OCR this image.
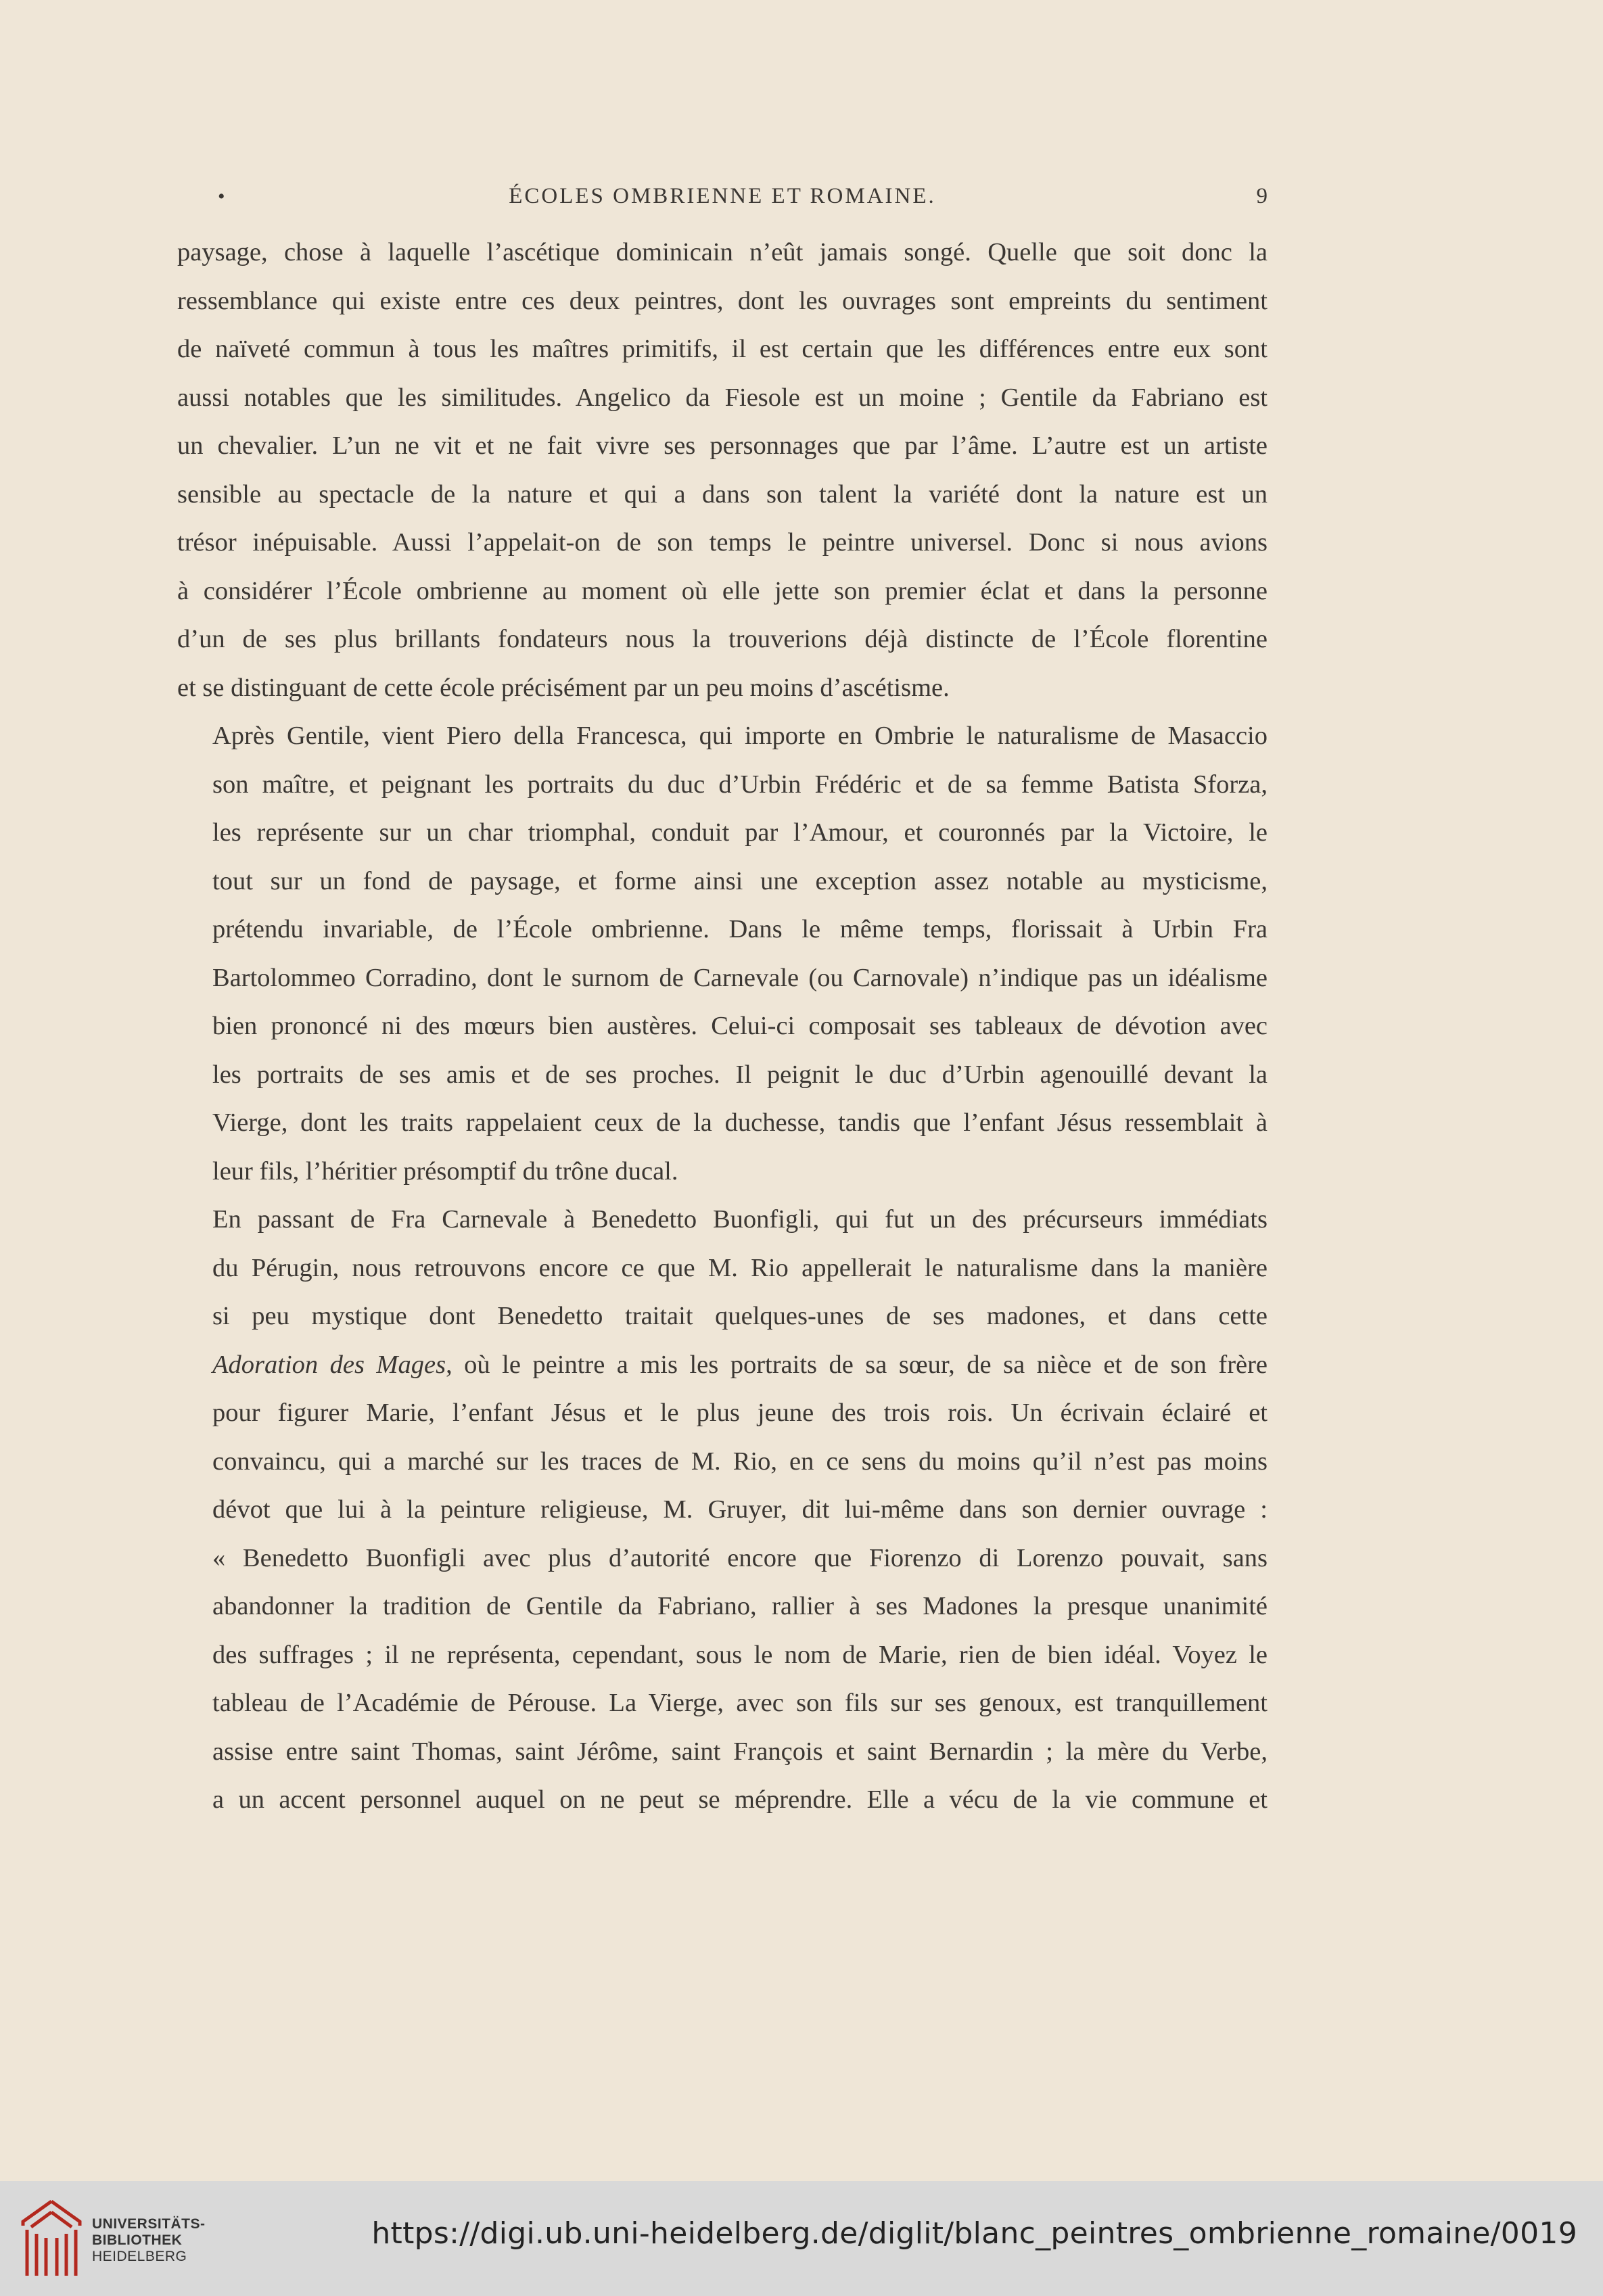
•	ÉCOLES OMBRIENNE ET ROMAINE.	9
paysage, chose à laquelle l’ascétique dominicain n’eût jamais songé. Quelle que soit donc la
ressemblance qui existe entre ces deux peintres, dont les ouvrages sont empreints du sentiment
de naïveté commun à tous les maîtres primitifs, il est certain que les différences entre eux sont
aussi notables que les similitudes. Angelico da Fiesole est un moine ; Gentile da Fabriano est
un chevalier. L’un ne vit et ne fait vivre ses personnages que par l’âme. L’autre est un artiste
sensible au spectacle de la nature et qui a dans son talent la variété dont la nature est un
trésor inépuisable. Aussi l’appelait-on de son temps le peintre universel. Donc si nous avions
à considérer l’École ombrienne au moment où elle jette son premier éclat et dans la personne
d’un de ses plus brillants fondateurs nous la trouverions déjà distincte de l’École florentine
et se distinguant de cette école précisément par un peu moins d’ascétisme.
Après Gentile, vient Piero della Francesca, qui importe en Ombrie le naturalisme de Masaccio
son maître, et peignant les portraits du duc d’Urbin Frédéric et de sa femme Batista Sforza,
les représente sur un char triomphal, conduit par l’Amour, et couronnés par la Victoire, le
tout sur un fond de paysage, et forme ainsi une exception assez notable au mysticisme,
prétendu invariable, de l’École ombrienne. Dans le même temps, florissait à Urbin Fra
Bartolommeo Corradino, dont le surnom de Carnevale (ou Carnovale) n’indique pas un idéalisme
bien prononcé ni des mœurs bien austères. Celui-ci composait ses tableaux de dévotion avec
les portraits de ses amis et de ses proches. Il peignit le duc d’Urbin agenouillé devant la
Vierge, dont les traits rappelaient ceux de la duchesse, tandis que l’enfant Jésus ressemblait à
leur fils, l’héritier présomptif du trône ducal.
En passant de Fra Carnevale à Benedetto Buonfigli, qui fut un des précurseurs immédiats
du Pérugin, nous retrouvons encore ce que M. Rio appellerait le naturalisme dans la manière
si peu mystique dont Benedetto traitait quelques-unes de ses madones, et dans cette
Adoration des Mages, où le peintre a mis les portraits de sa sœur, de sa nièce et de son frère
pour figurer Marie, l’enfant Jésus et le plus jeune des trois rois. Un écrivain éclairé et
convaincu, qui a marché sur les traces de M. Rio, en ce sens du moins qu’il n’est pas moins
dévot que lui à la peinture religieuse, M. Gruyer, dit lui-même dans son dernier ouvrage :
« Benedetto Buonfigli avec plus d’autorité encore que Fiorenzo di Lorenzo pouvait, sans
abandonner la tradition de Gentile da Fabriano, rallier à ses Madones la presque unanimité
des suffrages ; il ne représenta, cependant, sous le nom de Marie, rien de bien idéal. Voyez le
tableau de l’Académie de Pérouse. La Vierge, avec son fils sur ses genoux, est tranquillement
assise entre saint Thomas, saint Jérôme, saint François et saint Bernardin ; la mère du Verbe,
a un accent personnel auquel on ne peut se méprendre. Elle a vécu de la vie commune et
UNIVERSITÄTS-
BIBLIOTHEK
HEIDELBERG
https://digi.ub.uni-heidelberg.de/diglit/blanc_peintres_ombrienne_romaine/0019
